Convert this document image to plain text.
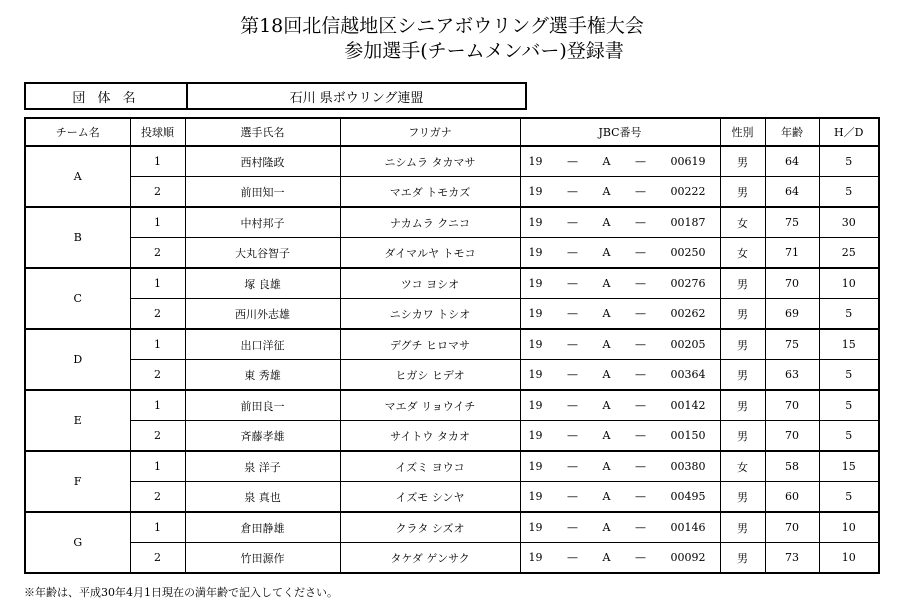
第18回北信越地区シニアボウリング選手権大会
参加選手(チームメンバー)登録書
団 体 名	石川 県ボウリング連盟
チーム名	投球順	選手氏名	フリガナ	JBC番号	性別	年齢	H／D
A	1	西村隆政	ニシムラ タカマサ	19 — A — 00619	男	64	5
	2	前田知一	マエダ トモカズ	19 — A — 00222	男	64	5
B	1	中村邦子	ナカムラ クニコ	19 — A — 00187	女	75	30
	2	大丸谷智子	ダイマルヤ トモコ	19 — A — 00250	女	71	25
C	1	塚 良雄	ツコ ヨシオ	19 — A — 00276	男	70	10
	2	西川外志雄	ニシカワ トシオ	19 — A — 00262	男	69	5
D	1	出口洋征	デグチ ヒロマサ	19 — A — 00205	男	75	15
	2	東 秀雄	ヒガシ ヒデオ	19 — A — 00364	男	63	5
E	1	前田良一	マエダ リョウイチ	19 — A — 00142	男	70	5
	2	斉藤孝雄	サイトウ タカオ	19 — A — 00150	男	70	5
F	1	泉 洋子	イズミ ヨウコ	19 — A — 00380	女	58	15
	2	泉 真也	イズモ シンヤ	19 — A — 00495	男	60	5
G	1	倉田静雄	クラタ シズオ	19 — A — 00146	男	70	10
	2	竹田源作	タケダ ゲンサク	19 — A — 00092	男	73	10
※年齢は、平成30年4月1日現在の満年齢で記入してください。
